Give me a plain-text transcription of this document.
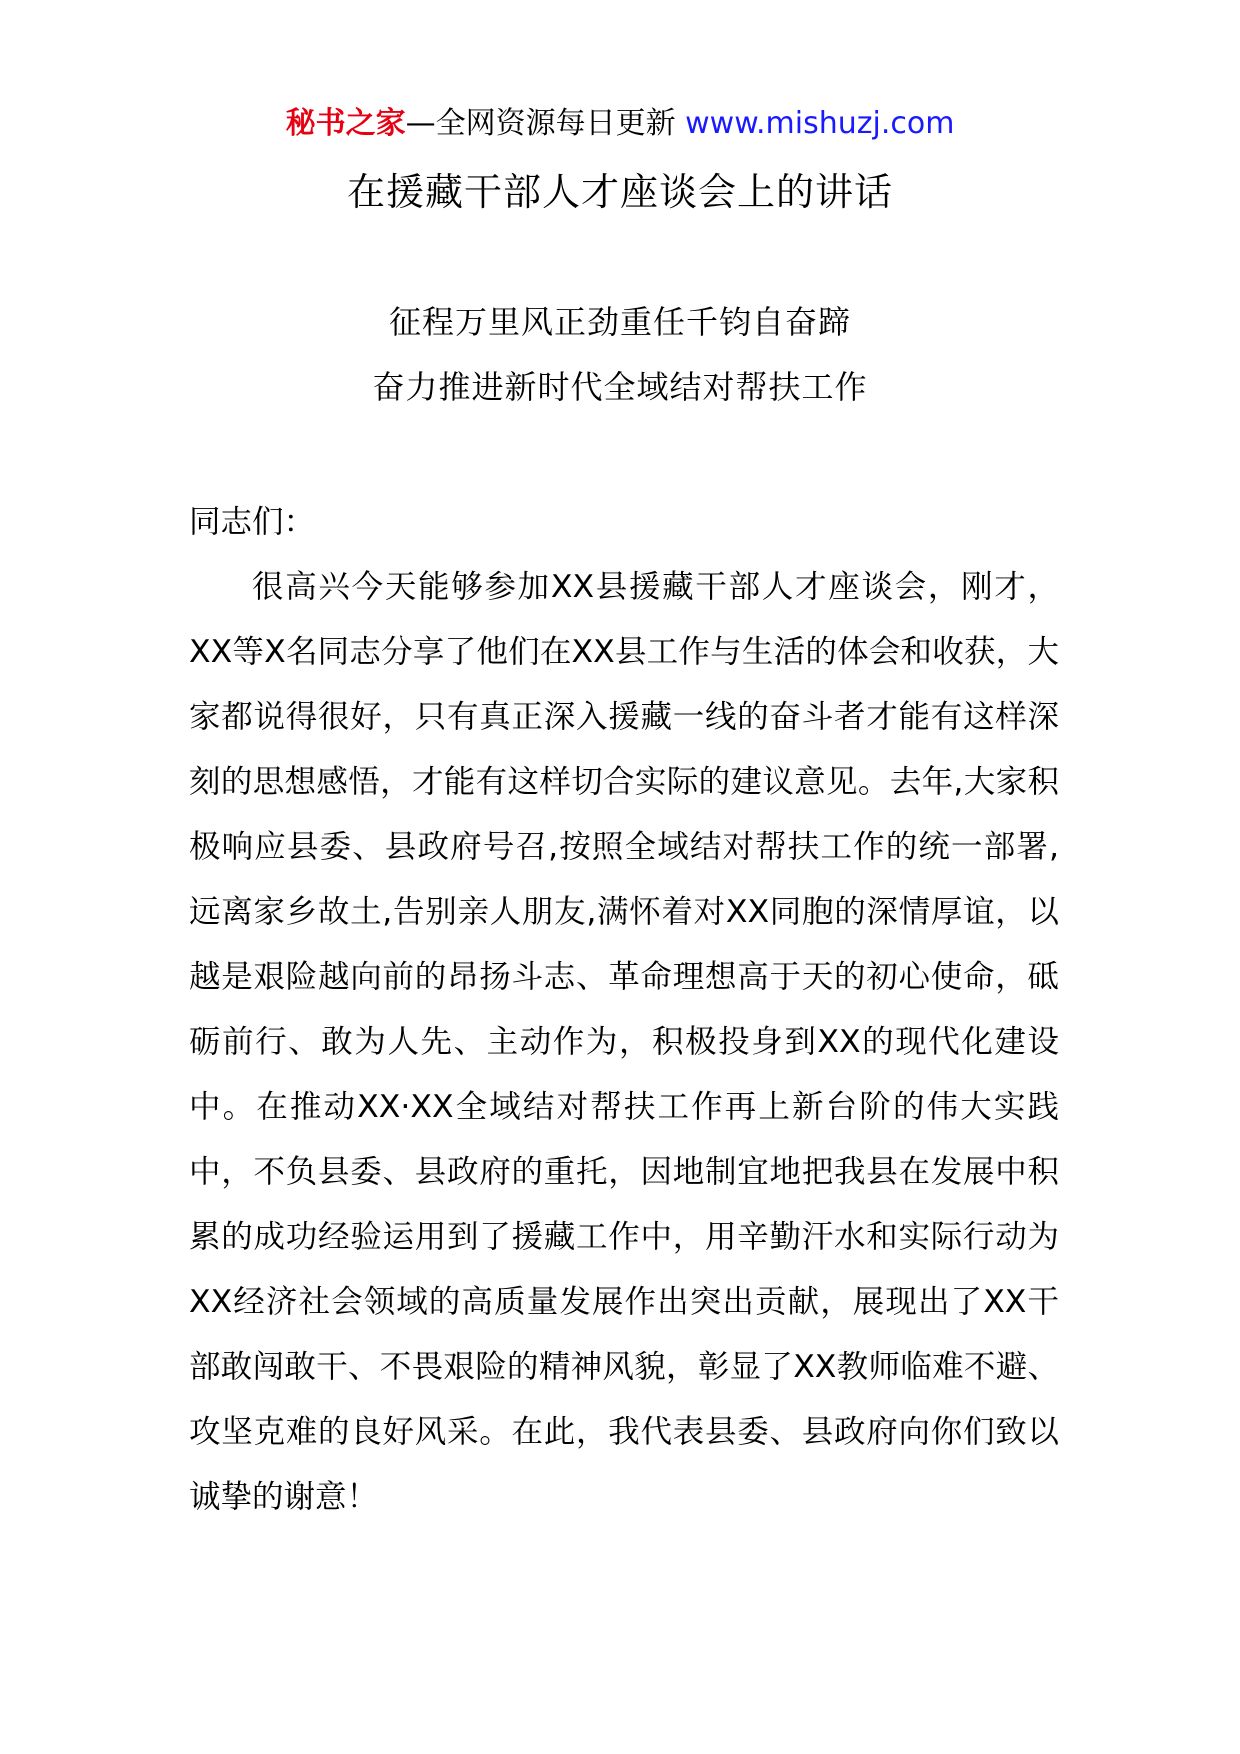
秘书之家—全网资源每日更新 www.mishuzj.com
在援藏干部人才座谈会上的讲话
征程万里风正劲重任千钧自奋蹄
奋力推进新时代全域结对帮扶工作

同志们：

很高兴今天能够参加XX县援藏干部人才座谈会，刚才，XX等X名同志分享了他们在XX县工作与生活的体会和收获，大家都说得很好，只有真正深入援藏一线的奋斗者才能有这样深刻的思想感悟，才能有这样切合实际的建议意见。去年,大家积极响应县委、县政府号召,按照全域结对帮扶工作的统一部署,远离家乡故土,告别亲人朋友,满怀着对XX同胞的深情厚谊，以越是艰险越向前的昂扬斗志、革命理想高于天的初心使命，砥砺前行、敢为人先、主动作为，积极投身到XX的现代化建设中。在推动XX·XX全域结对帮扶工作再上新台阶的伟大实践中，不负县委、县政府的重托，因地制宜地把我县在发展中积累的成功经验运用到了援藏工作中，用辛勤汗水和实际行动为XX经济社会领域的高质量发展作出突出贡献，展现出了XX干部敢闯敢干、不畏艰险的精神风貌，彰显了XX教师临难不避、攻坚克难的良好风采。在此，我代表县委、县政府向你们致以诚挚的谢意！
